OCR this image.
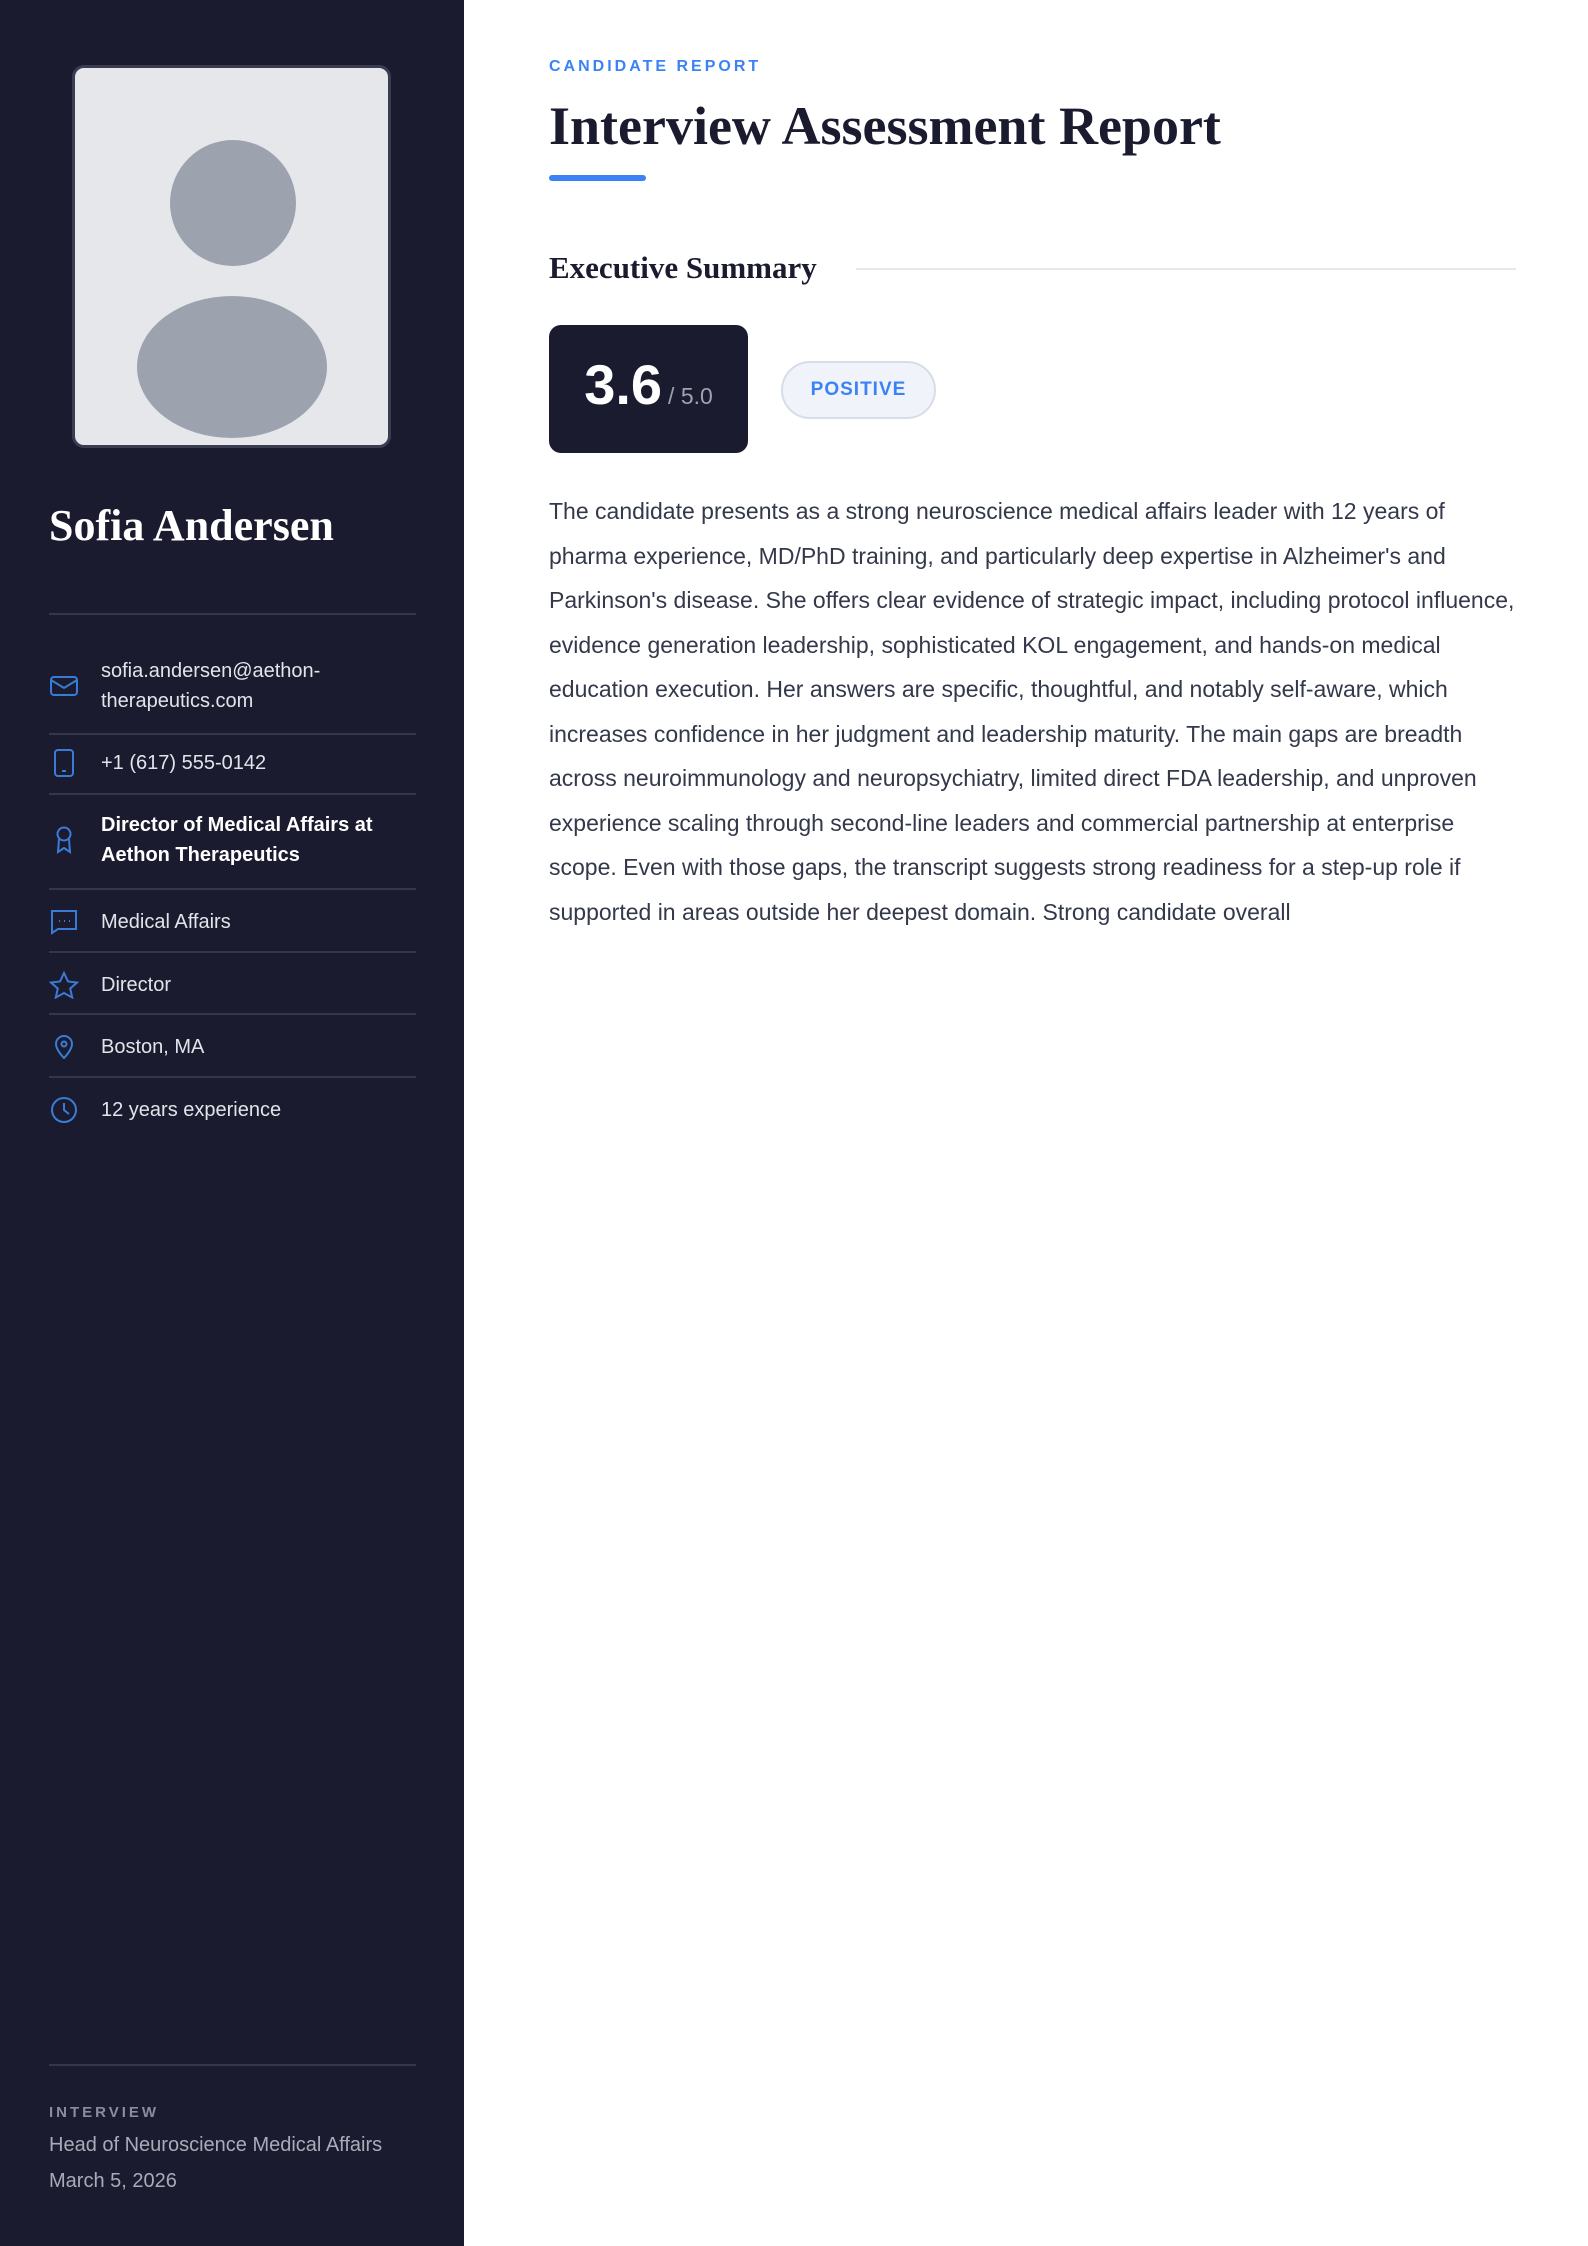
Sofia Andersen
sofia.andersen@aethon-therapeutics.com
+1 (617) 555-0142
Director of Medical Affairs at Aethon Therapeutics
Medical Affairs
Director
Boston, MA
12 years experience
INTERVIEW
Head of Neuroscience Medical Affairs
March 5, 2026
CANDIDATE REPORT
Interview Assessment Report
Executive Summary
3.6 / 5.0	POSITIVE

The candidate presents as a strong neuroscience medical affairs leader with 12 years of pharma experience, MD/PhD training, and particularly deep expertise in Alzheimer's and Parkinson's disease. She offers clear evidence of strategic impact, including protocol influence, evidence generation leadership, sophisticated KOL engagement, and hands-on medical education execution. Her answers are specific, thoughtful, and notably self-aware, which increases confidence in her judgment and leadership maturity. The main gaps are breadth across neuroimmunology and neuropsychiatry, limited direct FDA leadership, and unproven experience scaling through second-line leaders and commercial partnership at enterprise scope. Even with those gaps, the transcript suggests strong readiness for a step-up role if supported in areas outside her deepest domain. Strong candidate overall
